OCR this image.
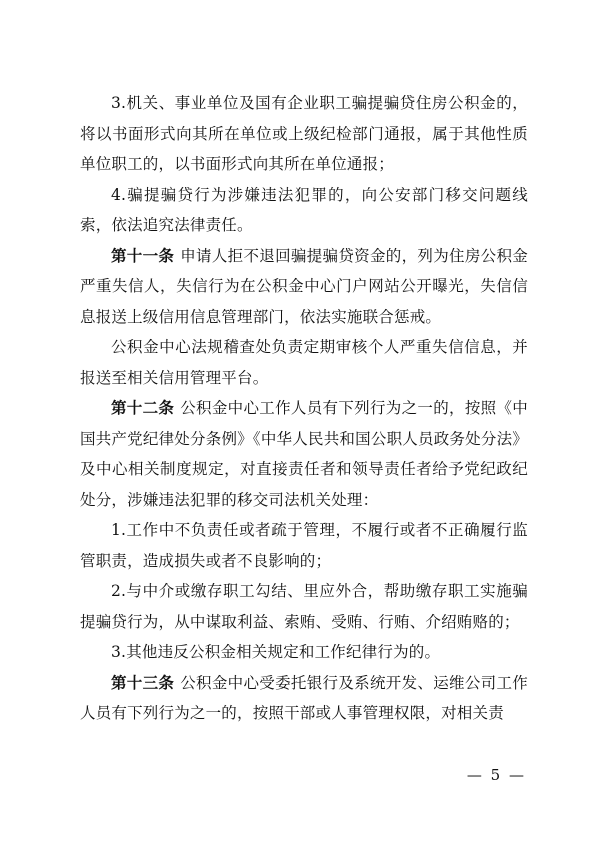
3.机关、事业单位及国有企业职工骗提骗贷住房公积金的，将以书面形式向其所在单位或上级纪检部门通报，属于其他性质单位职工的，以书面形式向其所在单位通报；

4.骗提骗贷行为涉嫌违法犯罪的，向公安部门移交问题线索，依法追究法律责任。

第十一条 申请人拒不退回骗提骗贷资金的，列为住房公积金严重失信人，失信行为在公积金中心门户网站公开曝光，失信信息报送上级信用信息管理部门，依法实施联合惩戒。

公积金中心法规稽查处负责定期审核个人严重失信信息，并报送至相关信用管理平台。

第十二条 公积金中心工作人员有下列行为之一的，按照《中国共产党纪律处分条例》《中华人民共和国公职人员政务处分法》及中心相关制度规定，对直接责任者和领导责任者给予党纪政纪处分，涉嫌违法犯罪的移交司法机关处理：

1.工作中不负责任或者疏于管理，不履行或者不正确履行监管职责，造成损失或者不良影响的；

2.与中介或缴存职工勾结、里应外合，帮助缴存职工实施骗提骗贷行为，从中谋取利益、索贿、受贿、行贿、介绍贿赂的；

3.其他违反公积金相关规定和工作纪律行为的。

第十三条 公积金中心受委托银行及系统开发、运维公司工作人员有下列行为之一的，按照干部或人事管理权限，对相关责

— 5 —
